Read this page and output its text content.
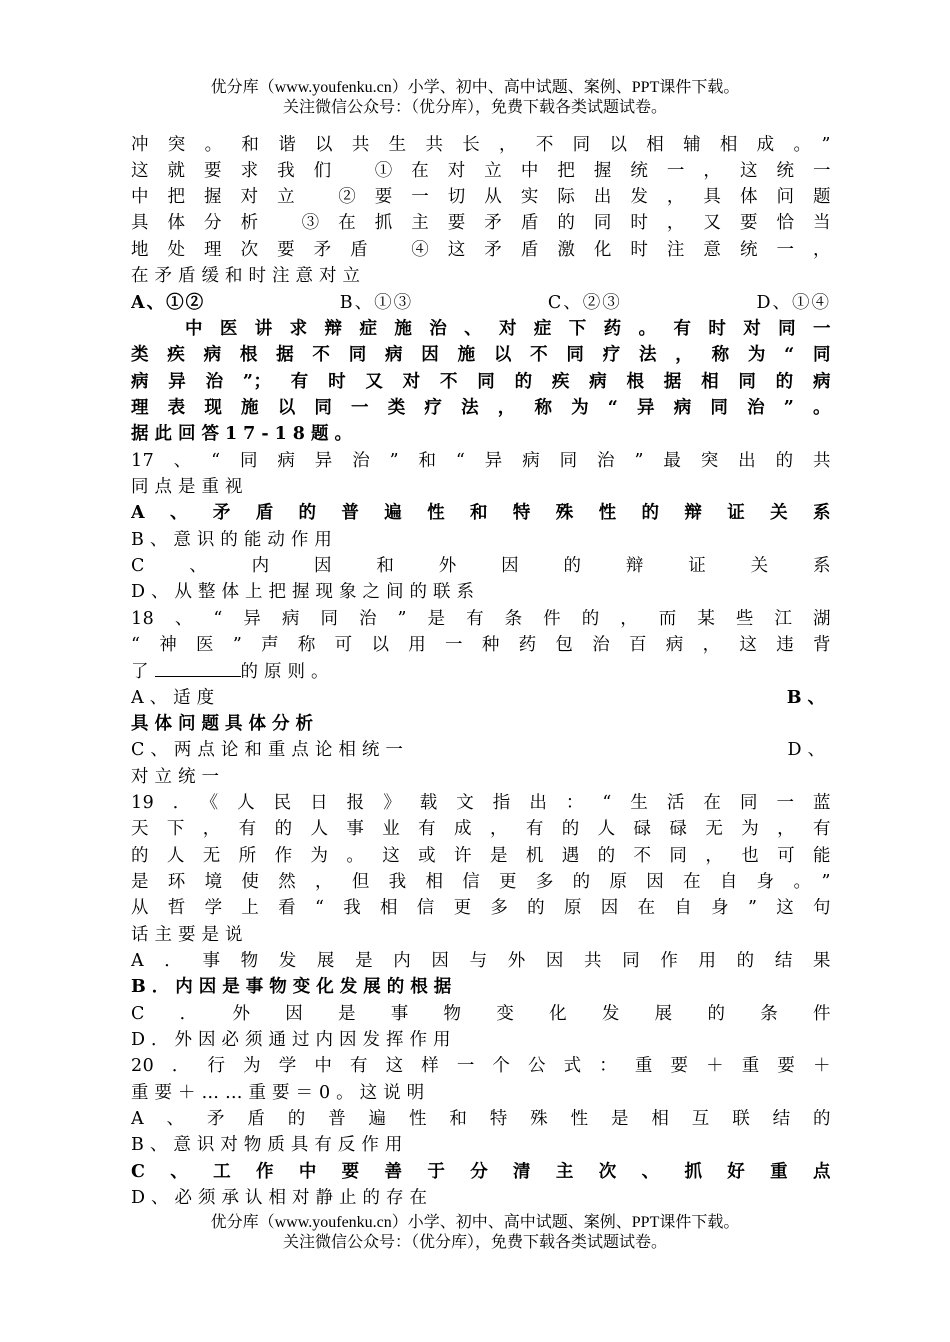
优分库（www.youfenku.cn）小学、初中、高中试题、案例、PPT课件下载。
关注微信公众号：（优分库），免费下载各类试题试卷。
冲突。和谐以共生共长，不同以相辅相成。”
这就要求我们 ①在对立中把握统一，这统一
中把握对立 ②要一切从实际出发，具体问题
具体分析 ③在抓主要矛盾的同时，又要恰当
地处理次要矛盾 ④这矛盾激化时注意统一，
在矛盾缓和时注意对立
A、①②	B、①③	C、②③	D、①④
中医讲求辩症施治、对症下药。有时对同一
类疾病根据不同病因施以不同疗法，称为“同
病异治”；有时又对不同的疾病根据相同的病
理表现施以同一类疗法，称为“异病同治”。
据此回答17-18题。
17、“同病异治”和“异病同治”最突出的共
同点是重视
A、矛盾的普遍性和特殊性的辩证关系
B、意识的能动作用
C、内因和外因的辩证关系
D、从整体上把握现象之间的联系
18、“异病同治”是有条件的，而某些江湖
“神医”声称可以用一种药包治百病，这违背
了	的原则。
A、适度	B、
具体问题具体分析
C、两点论和重点论相统一	D、
对立统一
19．《人民日报》载文指出：“生活在同一蓝
天下，有的人事业有成，有的人碌碌无为，有
的人无所作为。这或许是机遇的不同，也可能
是环境使然，但我相信更多的原因在自身。”
从哲学上看“我相信更多的原因在自身”这句
话主要是说
A．事物发展是内因与外因共同作用的结果
B．内因是事物变化发展的根据
C．外因是事物变化发展的条件
D．外因必须通过内因发挥作用
20．行为学中有这样一个公式：重要＋重要＋
重要＋……重要＝0。这说明
A、矛盾的普遍性和特殊性是相互联结的
B、意识对物质具有反作用
C、工作中要善于分清主次、抓好重点
D、必须承认相对静止的存在
优分库（www.youfenku.cn）小学、初中、高中试题、案例、PPT课件下载。
关注微信公众号：（优分库），免费下载各类试题试卷。
